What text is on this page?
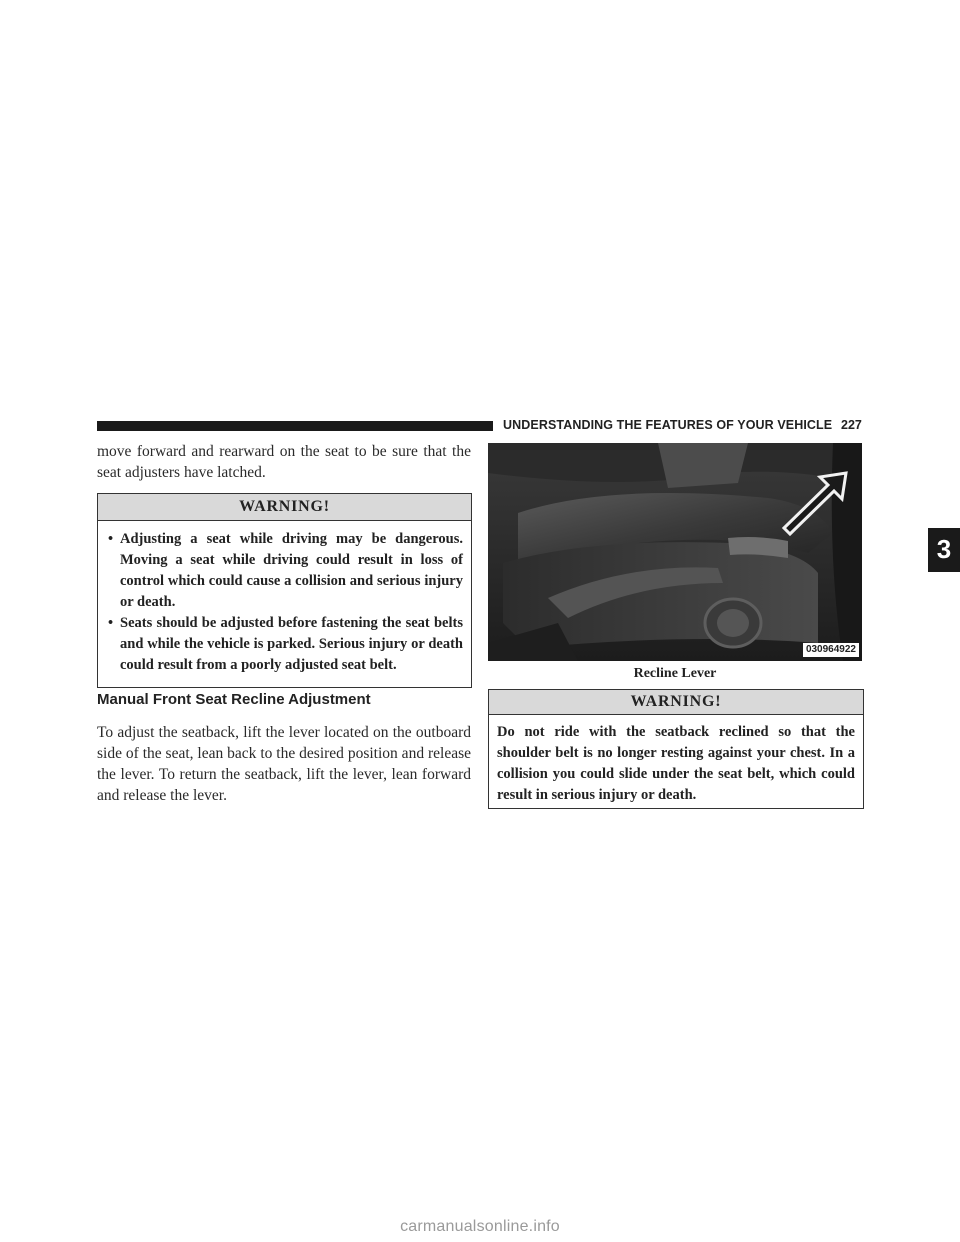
UNDERSTANDING THE FEATURES OF YOUR VEHICLE 227
3
move forward and rearward on the seat to be sure that the seat adjusters have latched.
WARNING!
• Adjusting a seat while driving may be dangerous. Moving a seat while driving could result in loss of control which could cause a collision and serious injury or death.
• Seats should be adjusted before fastening the seat belts and while the vehicle is parked. Serious injury or death could result from a poorly adjusted seat belt.
Manual Front Seat Recline Adjustment
To adjust the seatback, lift the lever located on the outboard side of the seat, lean back to the desired position and release the lever. To return the seatback, lift the lever, lean forward and release the lever.
030964922
Recline Lever
WARNING!
Do not ride with the seatback reclined so that the shoulder belt is no longer resting against your chest. In a collision you could slide under the seat belt, which could result in serious injury or death.
carmanualsonline.info
